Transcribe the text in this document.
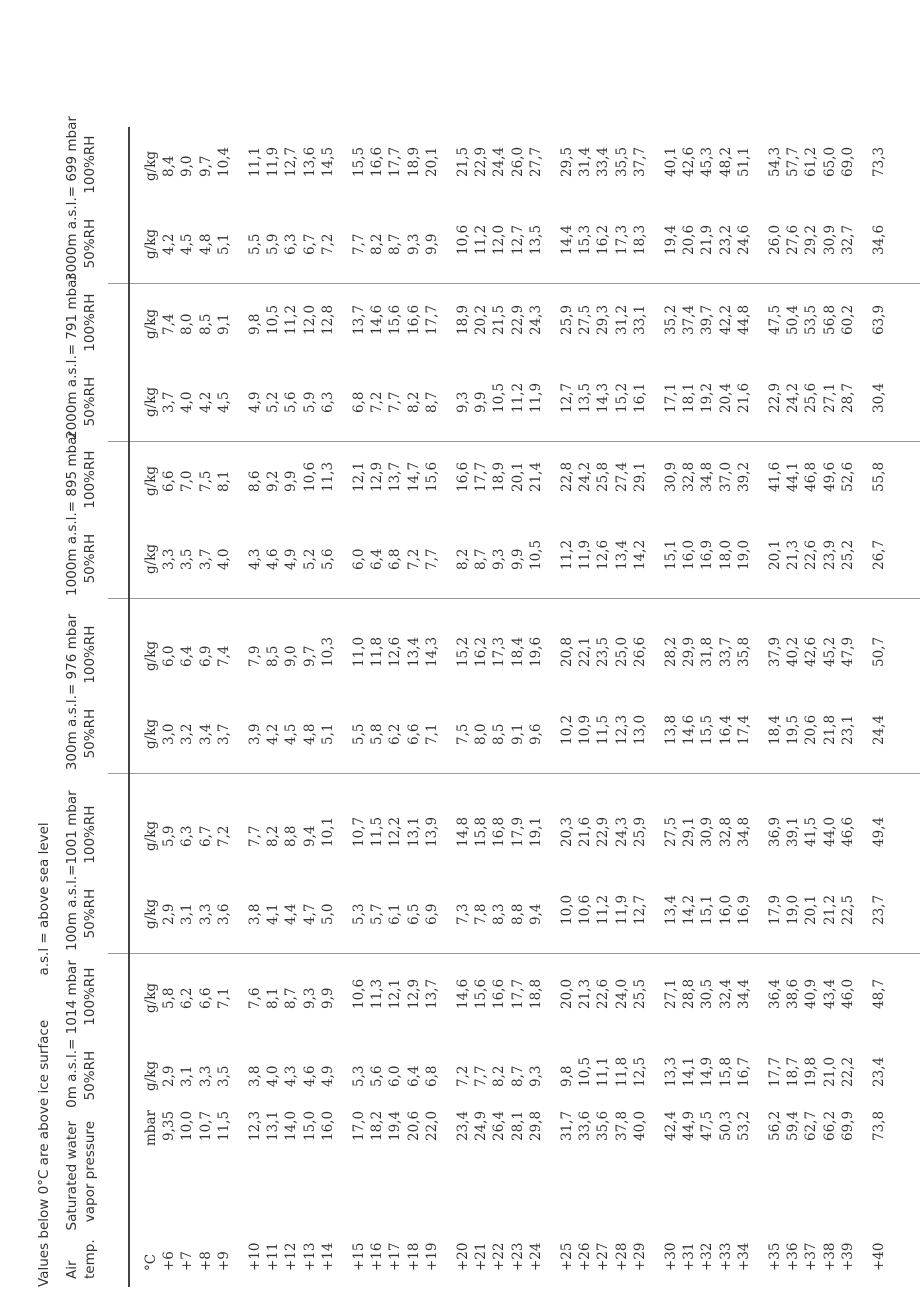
Values below 0°C are above ice surface a.s.l = above sea level
Air temp.
Saturated water vapor pressure
0m a.s.l.= 1014 mbar 50%RH
100%RH
100m a.s.l.=1001 mbar 50%RH
100%RH
300m a.s.l.= 976 mbar 50%RH
100%RH
1000m a.s.l.= 895 mbar 50%RH
100%RH
2000m a.s.l.= 791 mbar 50%RH
100%RH
3000m a.s.l.= 699 mbar 50%RH
100%RH
°C +6 +7 +8 +9 +10 +11 +12 +13 +14 +15 +16 +17 +18 +19 +20 +21 +22 +23 +24 +25 +26 +27 +28 +29 +30 +31 +32 +33 +34 +35 +36 +37 +38 +39 +40
mbar 9,35 10,0 10,7 11,5 12,3 13,1 14,0 15,0 16,0 17,0 18,2 19,4 20,6 22,0 23,4 24,9 26,4 28,1 29,8 31,7 33,6 35,6 37,8 40,0 42,4 44,9 47,5 50,3 53,2 56,2 59,4 62,7 66,2 69,9 73,8
g/kg 2,9 3,1 3,3 3,5 3,8 4,0 4,3 4,6 4,9 5,3 5,6 6,0 6,4 6,8 7,2 7,7 8,2 8,7 9,3 9,8 10,5 11,1 11,8 12,5 13,3 14,1 14,9 15,8 16,7 17,7 18,7 19,8 21,0 22,2 23,4
g/kg 5,8 6,2 6,6 7,1 7,6 8,1 8,7 9,3 9,9 10,6 11,3 12,1 12,9 13,7 14,6 15,6 16,6 17,7 18,8 20,0 21,3 22,6 24,0 25,5 27,1 28,8 30,5 32,4 34,4 36,4 38,6 40,9 43,4 46,0 48,7
g/kg 2,9 3,1 3,3 3,6 3,8 4,1 4,4 4,7 5,0 5,3 5,7 6,1 6,5 6,9 7,3 7,8 8,3 8,8 9,4 10,0 10,6 11,2 11,9 12,7 13,4 14,2 15,1 16,0 16,9 17,9 19,0 20,1 21,2 22,5 23,7
g/kg 5,9 6,3 6,7 7,2 7,7 8,2 8,8 9,4 10,1 10,7 11,5 12,2 13,1 13,9 14,8 15,8 16,8 17,9 19,1 20,3 21,6 22,9 24,3 25,9 27,5 29,1 30,9 32,8 34,8 36,9 39,1 41,5 44,0 46,6 49,4
g/kg 3,0 3,2 3,4 3,7 3,9 4,2 4,5 4,8 5,1 5,5 5,8 6,2 6,6 7,1 7,5 8,0 8,5 9,1 9,6 10,2 10,9 11,5 12,3 13,0 13,8 14,6 15,5 16,4 17,4 18,4 19,5 20,6 21,8 23,1 24,4
g/kg 6,0 6,4 6,9 7,4 7,9 8,5 9,0 9,7 10,3 11,0 11,8 12,6 13,4 14,3 15,2 16,2 17,3 18,4 19,6 20,8 22,1 23,5 25,0 26,6 28,2 29,9 31,8 33,7 35,8 37,9 40,2 42,6 45,2 47,9 50,7
g/kg 3,3 3,5 3,7 4,0 4,3 4,6 4,9 5,2 5,6 6,0 6,4 6,8 7,2 7,7 8,2 8,7 9,3 9,9 10,5 11,2 11,9 12,6 13,4 14,2 15,1 16,0 16,9 18,0 19,0 20,1 21,3 22,6 23,9 25,2 26,7
g/kg 6,6 7,0 7,5 8,1 8,6 9,2 9,9 10,6 11,3 12,1 12,9 13,7 14,7 15,6 16,6 17,7 18,9 20,1 21,4 22,8 24,2 25,8 27,4 29,1 30,9 32,8 34,8 37,0 39,2 41,6 44,1 46,8 49,6 52,6 55,8
g/kg 3,7 4,0 4,2 4,5 4,9 5,2 5,6 5,9 6,3 6,8 7,2 7,7 8,2 8,7 9,3 9,9 10,5 11,2 11,9 12,7 13,5 14,3 15,2 16,1 17,1 18,1 19,2 20,4 21,6 22,9 24,2 25,6 27,1 28,7 30,4
g/kg 7,4 8,0 8,5 9,1 9,8 10,5 11,2 12,0 12,8 13,7 14,6 15,6 16,6 17,7 18,9 20,2 21,5 22,9 24,3 25,9 27,5 29,3 31,2 33,1 35,2 37,4 39,7 42,2 44,8 47,5 50,4 53,5 56,8 60,2 63,9
g/kg 4,2 4,5 4,8 5,1 5,5 5,9 6,3 6,7 7,2 7,7 8,2 8,7 9,3 9,9 10,6 11,2 12,0 12,7 13,5 14,4 15,3 16,2 17,3 18,3 19,4 20,6 21,9 23,2 24,6 26,0 27,6 29,2 30,9 32,7 34,6
g/kg 8,4 9,0 9,7 10,4 11,1 11,9 12,7 13,6 14,5 15,5 16,6 17,7 18,9 20,1 21,5 22,9 24,4 26,0 27,7 29,5 31,4 33,4 35,5 37,7 40,1 42,6 45,3 48,2 51,1 54,3 57,7 61,2 65,0 69,0 73,3
